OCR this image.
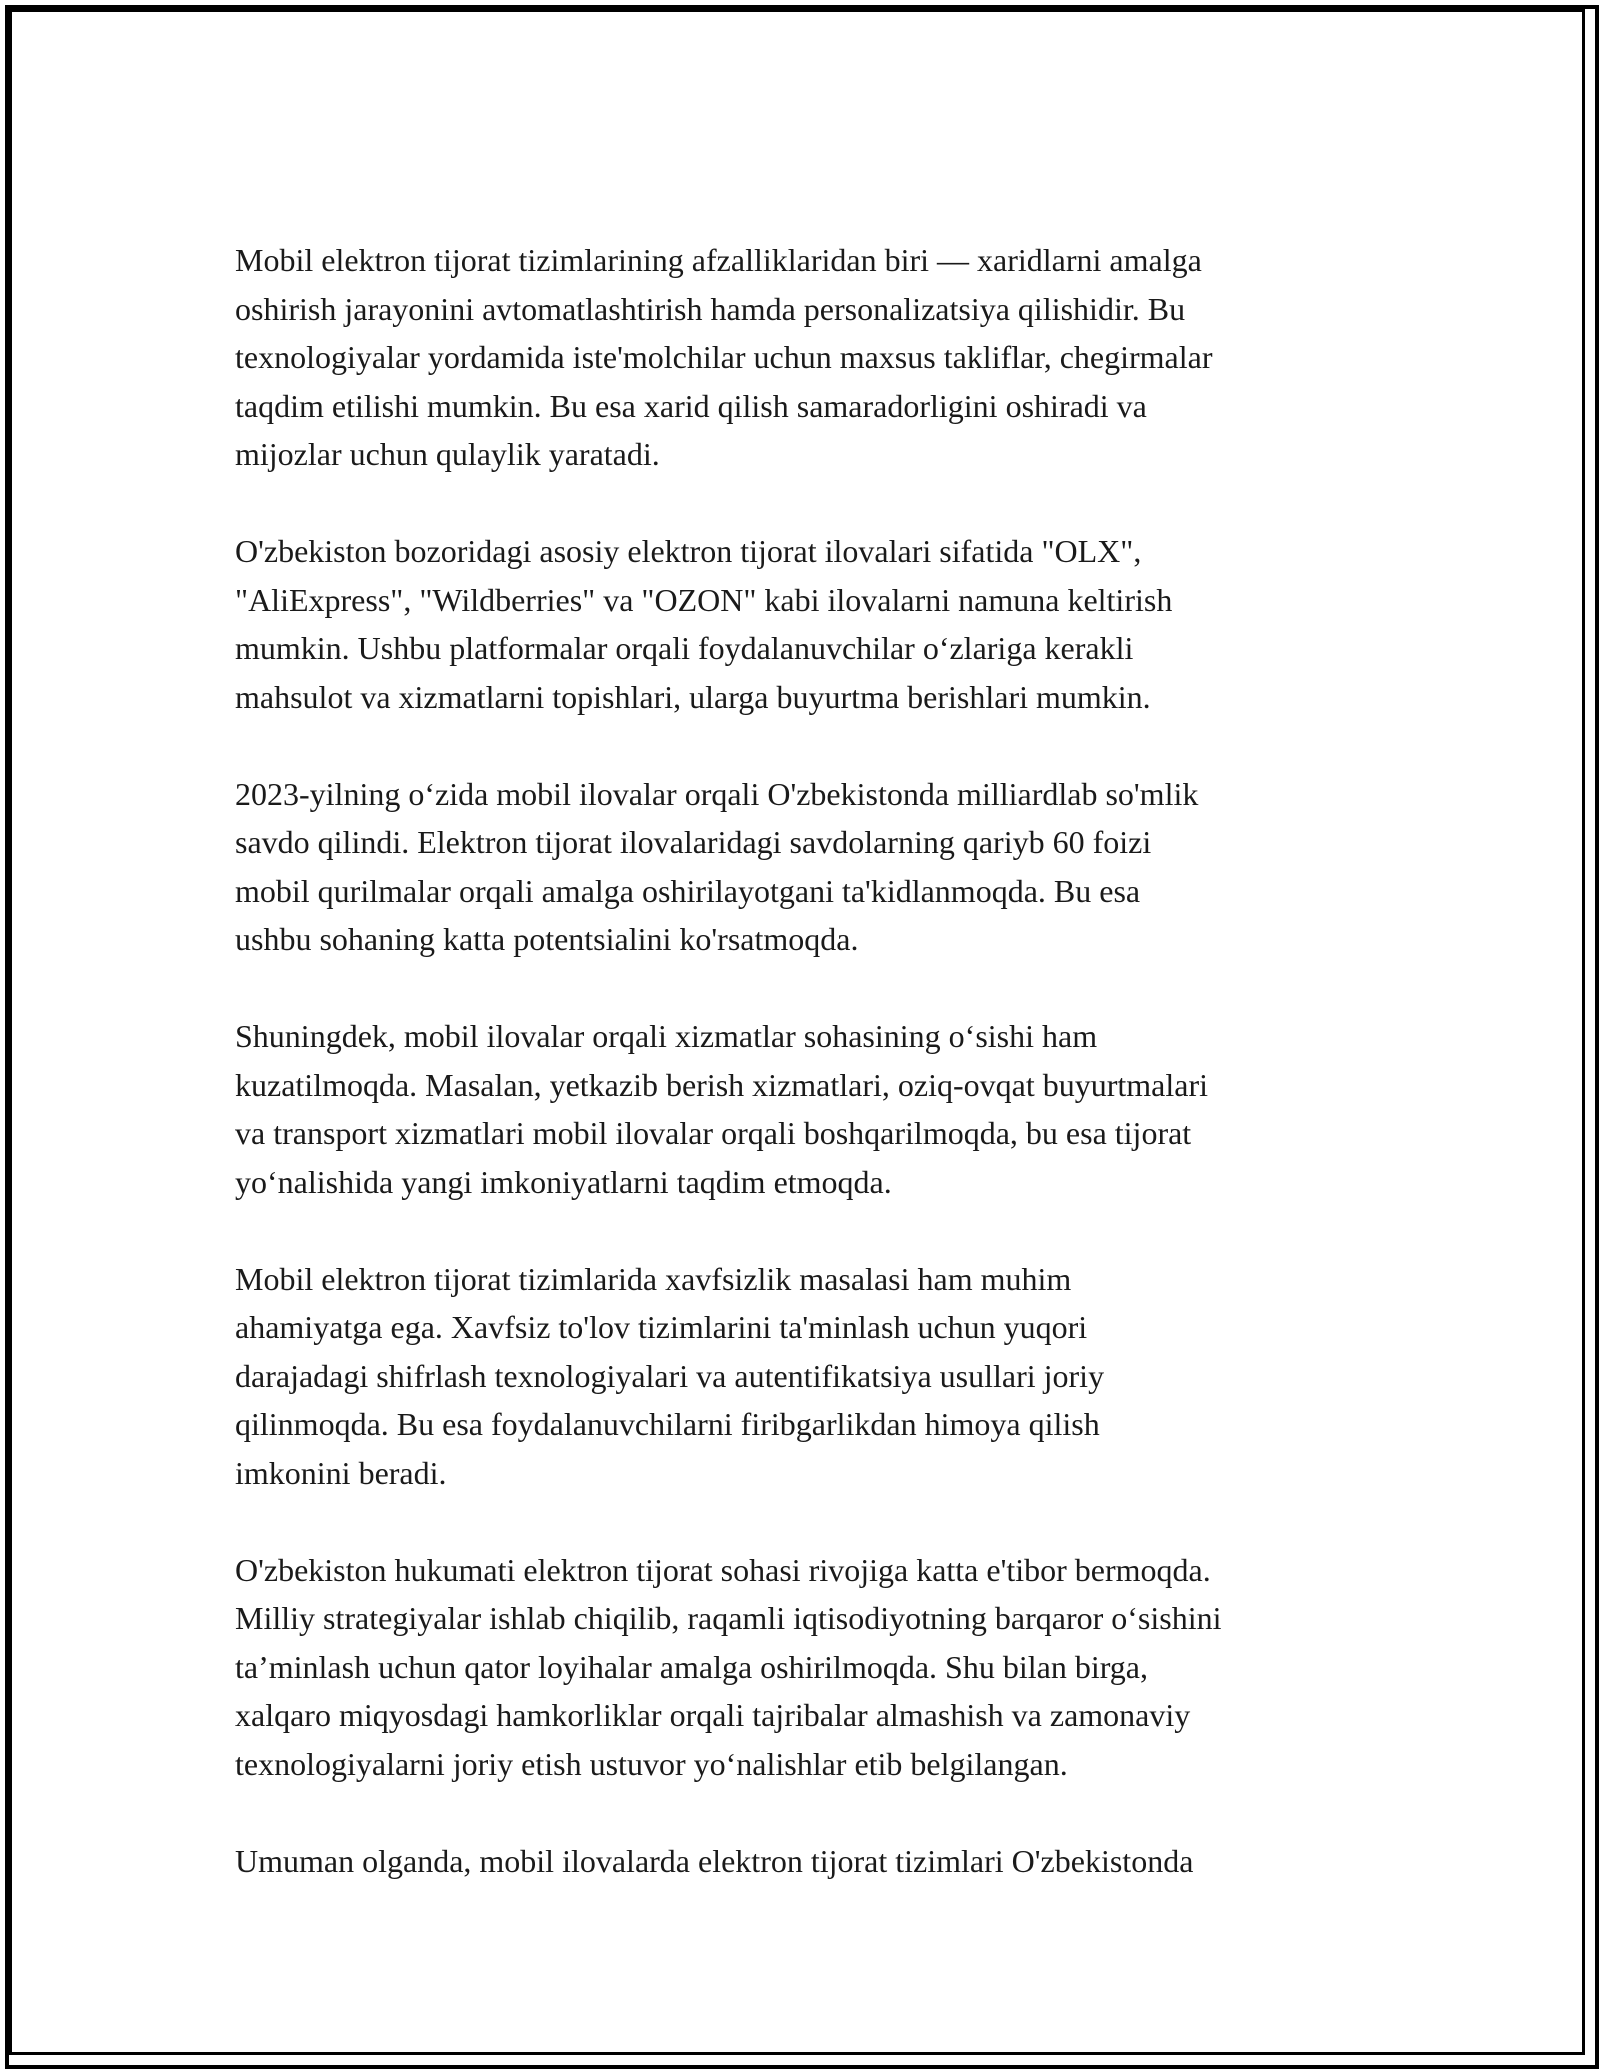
Mobil elektron tijorat tizimlarining afzalliklaridan biri — xaridlarni amalga
oshirish jarayonini avtomatlashtirish hamda personalizatsiya qilishidir. Bu
texnologiyalar yordamida iste'molchilar uchun maxsus takliflar, chegirmalar
taqdim etilishi mumkin. Bu esa xarid qilish samaradorligini oshiradi va
mijozlar uchun qulaylik yaratadi.

O'zbekiston bozoridagi asosiy elektron tijorat ilovalari sifatida "OLX",
"AliExpress", "Wildberries" va "OZON" kabi ilovalarni namuna keltirish
mumkin. Ushbu platformalar orqali foydalanuvchilar o‘zlariga kerakli
mahsulot va xizmatlarni topishlari, ularga buyurtma berishlari mumkin.

2023-yilning o‘zida mobil ilovalar orqali O'zbekistonda milliardlab so'mlik
savdo qilindi. Elektron tijorat ilovalaridagi savdolarning qariyb 60 foizi
mobil qurilmalar orqali amalga oshirilayotgani ta'kidlanmoqda. Bu esa
ushbu sohaning katta potentsialini ko'rsatmoqda.

Shuningdek, mobil ilovalar orqali xizmatlar sohasining o‘sishi ham
kuzatilmoqda. Masalan, yetkazib berish xizmatlari, oziq-ovqat buyurtmalari
va transport xizmatlari mobil ilovalar orqali boshqarilmoqda, bu esa tijorat
yo‘nalishida yangi imkoniyatlarni taqdim etmoqda.

Mobil elektron tijorat tizimlarida xavfsizlik masalasi ham muhim
ahamiyatga ega. Xavfsiz to'lov tizimlarini ta'minlash uchun yuqori
darajadagi shifrlash texnologiyalari va autentifikatsiya usullari joriy
qilinmoqda. Bu esa foydalanuvchilarni firibgarlikdan himoya qilish
imkonini beradi.

O'zbekiston hukumati elektron tijorat sohasi rivojiga katta e'tibor bermoqda.
Milliy strategiyalar ishlab chiqilib, raqamli iqtisodiyotning barqaror o‘sishini
ta’minlash uchun qator loyihalar amalga oshirilmoqda. Shu bilan birga,
xalqaro miqyosdagi hamkorliklar orqali tajribalar almashish va zamonaviy
texnologiyalarni joriy etish ustuvor yo‘nalishlar etib belgilangan.

Umuman olganda, mobil ilovalarda elektron tijorat tizimlari O'zbekistonda
